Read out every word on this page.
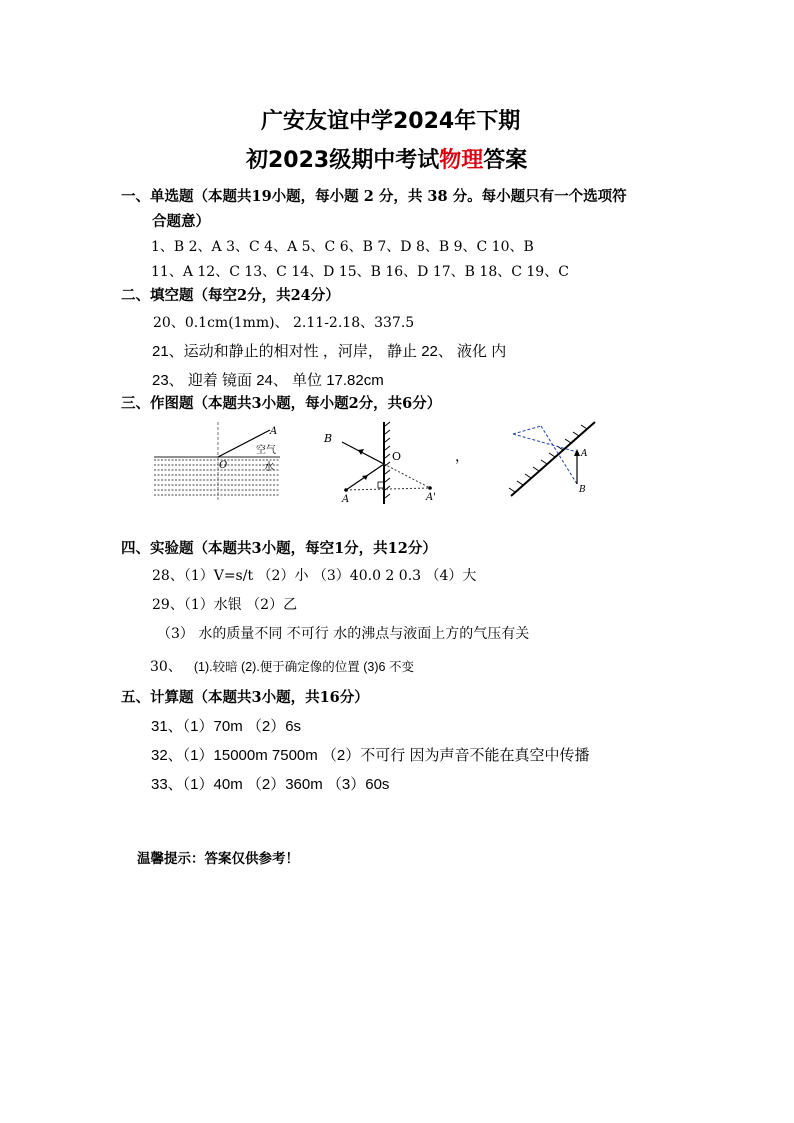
广安友谊中学2024年下期
初2023级期中考试物理答案
一、单选题（本题共19小题，每小题 2 分，共 38 分。每小题只有一个选项符
合题意）
1、B 2、A 3、C 4、A 5、C 6、B 7、D 8、B 9、C 10、B
11、A 12、C 13、C 14、D 15、B 16、D 17、B 18、C 19、C
二、填空题（每空2分，共24分）
20、0.1cm(1mm)、 2.11-2.18、337.5
21、运动和静止的相对性 ，河岸， 静止 22、 液化 内
23、 迎着 镜面 24、 单位 17.82cm
三、作图题（本题共3小题，每小题2分，共6分）
A
O
空气
水
B
O
A	A'
，	A
B
四、实验题（本题共3小题，每空1分，共12分）
28、（1）V=s/t （2）小 （3）40.0 2 0.3 （4）大
29、（1）水银 （2）乙
（3） 水的质量不同 不可行 水的沸点与液面上方的气压有关
30、 (1).较暗 (2).便于确定像的位置 (3)6 不变
五、计算题（本题共3小题，共16分）
31、（1）70m （2）6s
32、（1）15000m 7500m （2）不可行 因为声音不能在真空中传播
33、（1）40m （2）360m （3）60s
温馨提示：答案仅供参考！
